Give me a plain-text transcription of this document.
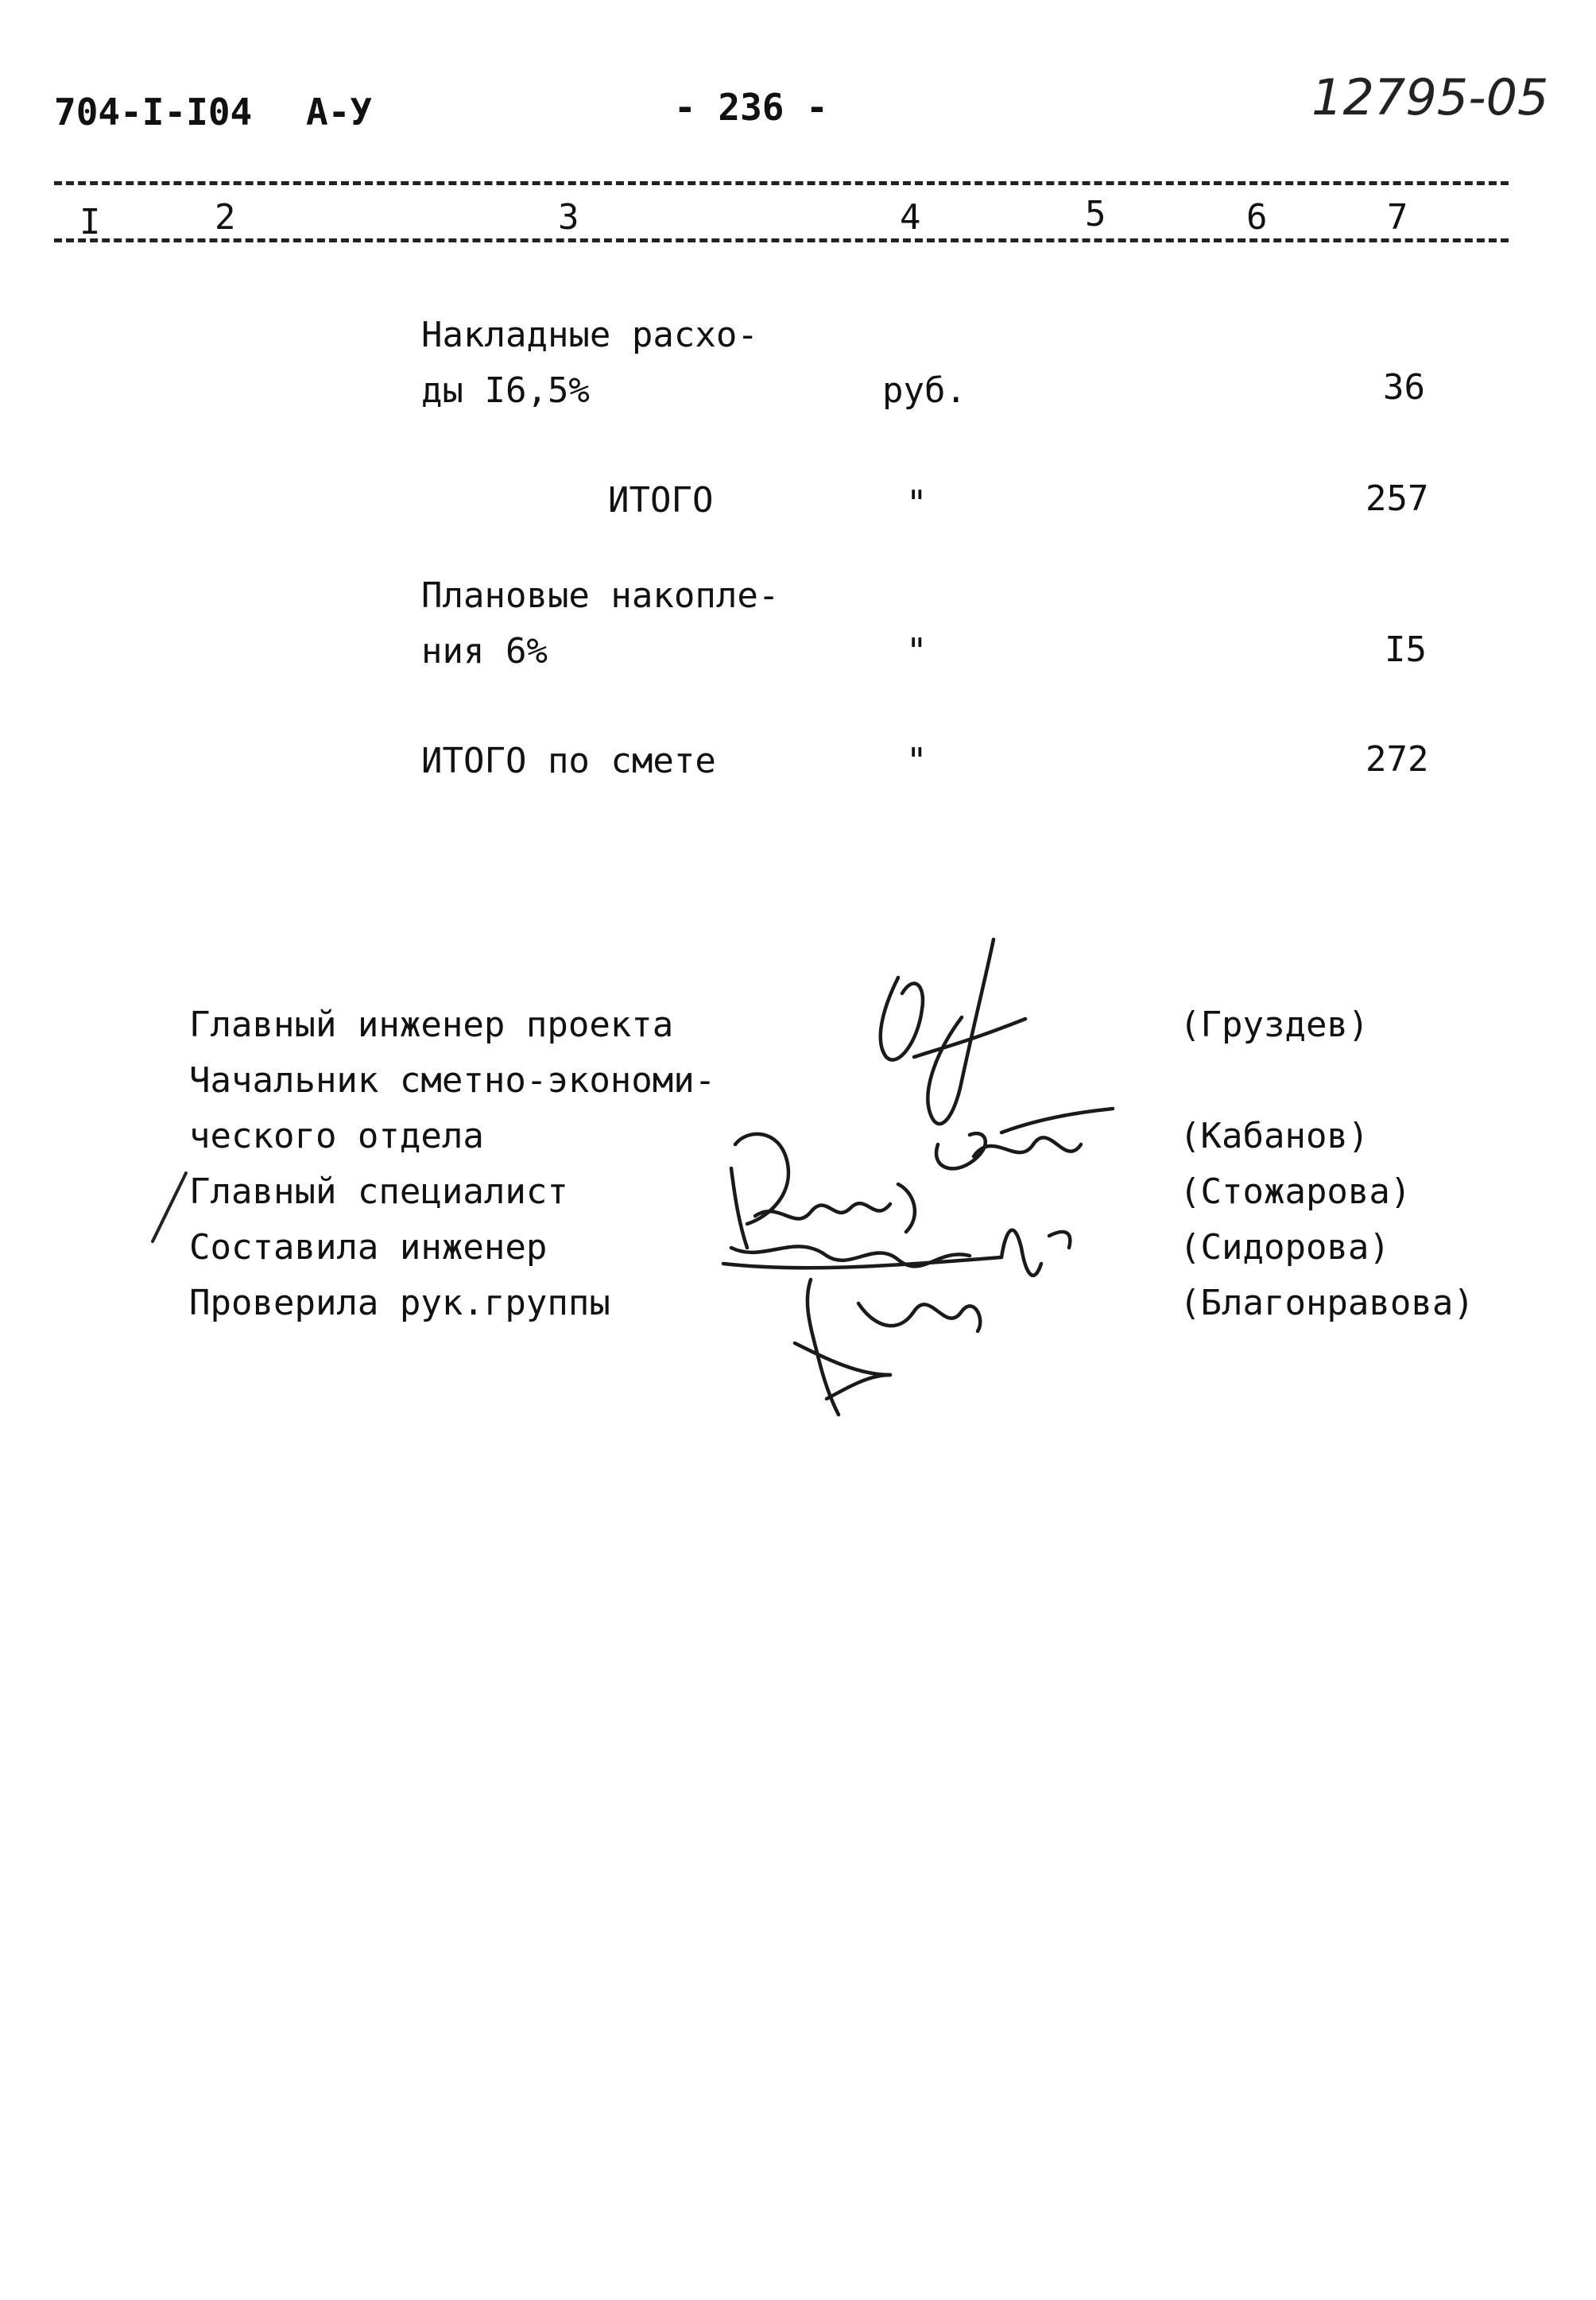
704-I-I04 А-У	- 236 -	12795-05
I	2	3	4	5	6	7
Накладные расхо-
ды I6,5%	руб.	36
ИТОГО	"	257
Плановые накопле-
ния 6%	"	I5
ИТОГО по смете	"	272
Главный инженер проекта	(Груздев)
Чачальник сметно-экономи-
ческого отдела	(Кабанов)
Главный специалист	(Стожарова)
Составила инженер	(Сидорова)
Проверила рук.группы	(Благонравова)
